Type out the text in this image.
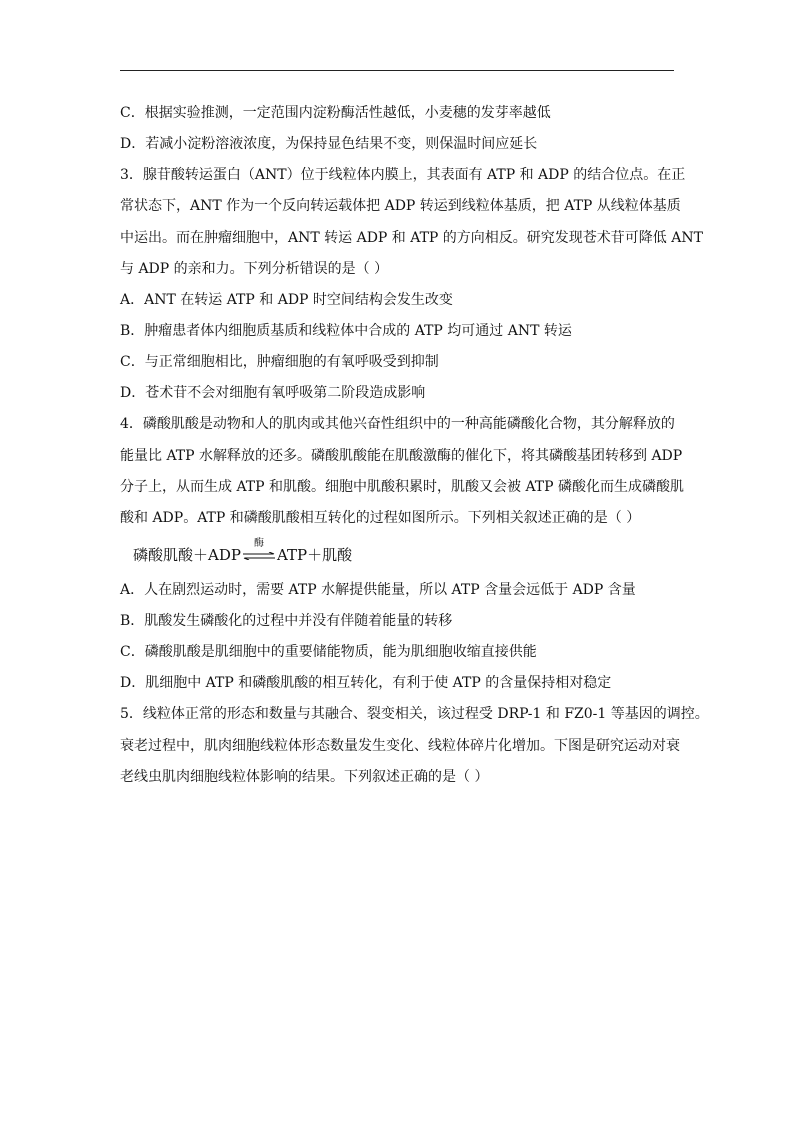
C．根据实验推测，一定范围内淀粉酶活性越低，小麦穗的发芽率越低
D．若减小淀粉溶液浓度，为保持显色结果不变，则保温时间应延长
3．腺苷酸转运蛋白（ANT）位于线粒体内膜上，其表面有 ATP 和 ADP 的结合位点。在正
常状态下，ANT 作为一个反向转运载体把 ADP 转运到线粒体基质，把 ATP 从线粒体基质
中运出。而在肿瘤细胞中，ANT 转运 ADP 和 ATP 的方向相反。研究发现苍术苷可降低 ANT
与 ADP 的亲和力。下列分析错误的是（ ）
A．ANT 在转运 ATP 和 ADP 时空间结构会发生改变
B．肿瘤患者体内细胞质基质和线粒体中合成的 ATP 均可通过 ANT 转运
C．与正常细胞相比，肿瘤细胞的有氧呼吸受到抑制
D．苍术苷不会对细胞有氧呼吸第二阶段造成影响
4．磷酸肌酸是动物和人的肌肉或其他兴奋性组织中的一种高能磷酸化合物，其分解释放的
能量比 ATP 水解释放的还多。磷酸肌酸能在肌酸激酶的催化下，将其磷酸基团转移到 ADP
分子上，从而生成 ATP 和肌酸。细胞中肌酸积累时，肌酸又会被 ATP 磷酸化而生成磷酸肌
酸和 ADP。ATP 和磷酸肌酸相互转化的过程如图所示。下列相关叙述正确的是（ ）
磷酸肌酸＋ADP
酶
ATP＋肌酸
A．人在剧烈运动时，需要 ATP 水解提供能量，所以 ATP 含量会远低于 ADP 含量
B．肌酸发生磷酸化的过程中并没有伴随着能量的转移
C．磷酸肌酸是肌细胞中的重要储能物质，能为肌细胞收缩直接供能
D．肌细胞中 ATP 和磷酸肌酸的相互转化，有利于使 ATP 的含量保持相对稳定
5．线粒体正常的形态和数量与其融合、裂变相关，该过程受 DRP-1 和 FZ0-1 等基因的调控。
衰老过程中，肌肉细胞线粒体形态数量发生变化、线粒体碎片化增加。下图是研究运动对衰
老线虫肌肉细胞线粒体影响的结果。下列叙述正确的是（ ）
